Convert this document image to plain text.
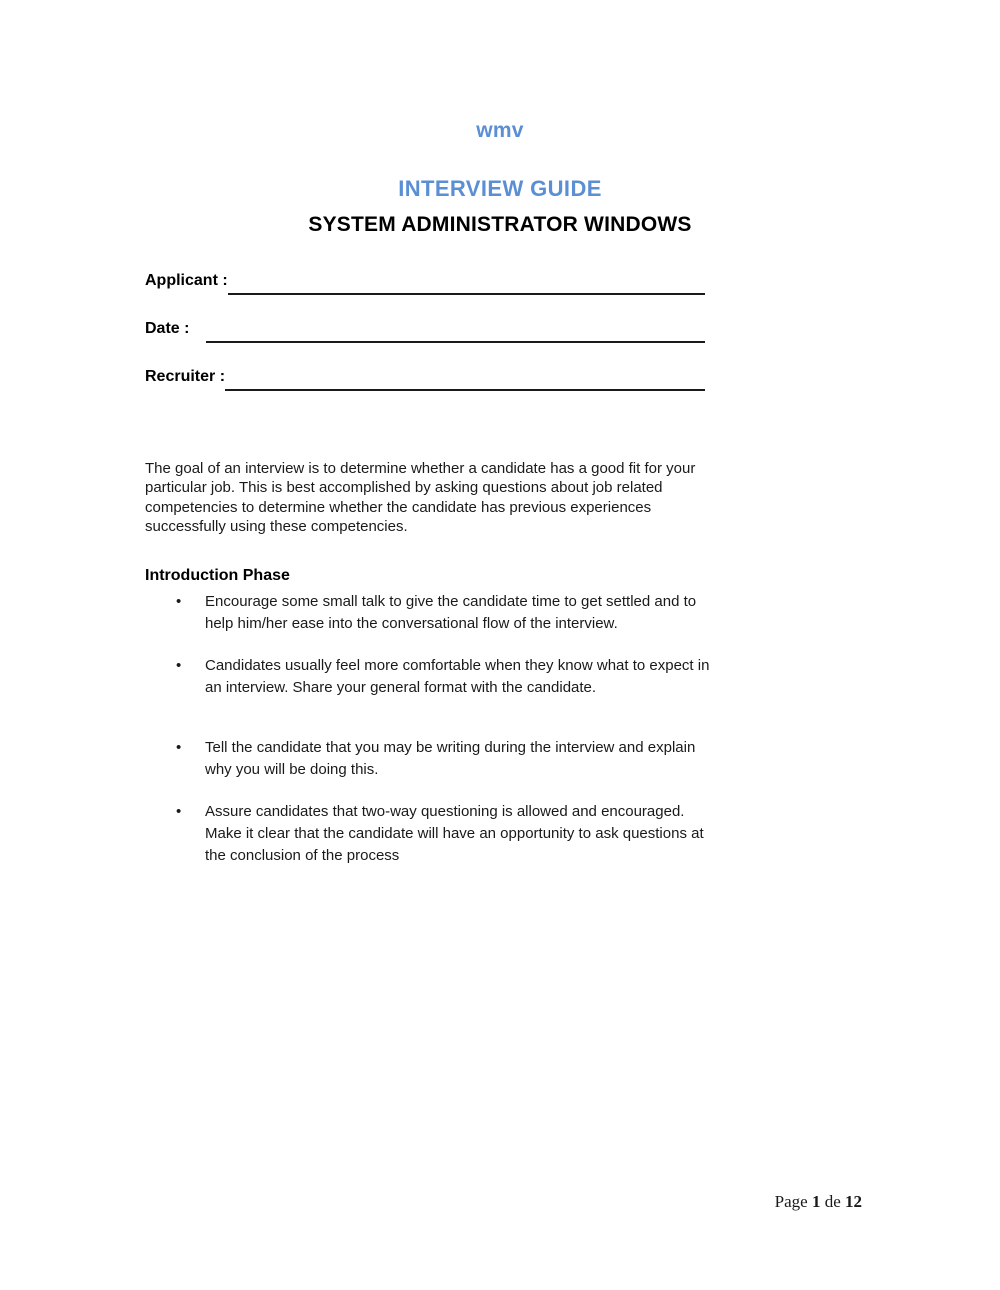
wmv
INTERVIEW GUIDE
SYSTEM ADMINISTRATOR WINDOWS
Applicant :
Date :
Recruiter :

The goal of an interview is to determine whether a candidate has a good fit for your particular job. This is best accomplished by asking questions about job related competencies to determine whether the candidate has previous experiences successfully using these competencies.

Introduction Phase
• Encourage some small talk to give the candidate time to get settled and to help him/her ease into the conversational flow of the interview.
• Candidates usually feel more comfortable when they know what to expect in an interview. Share your general format with the candidate.
• Tell the candidate that you may be writing during the interview and explain why you will be doing this.
• Assure candidates that two-way questioning is allowed and encouraged. Make it clear that the candidate will have an opportunity to ask questions at the conclusion of the process
Page 1 de 12
